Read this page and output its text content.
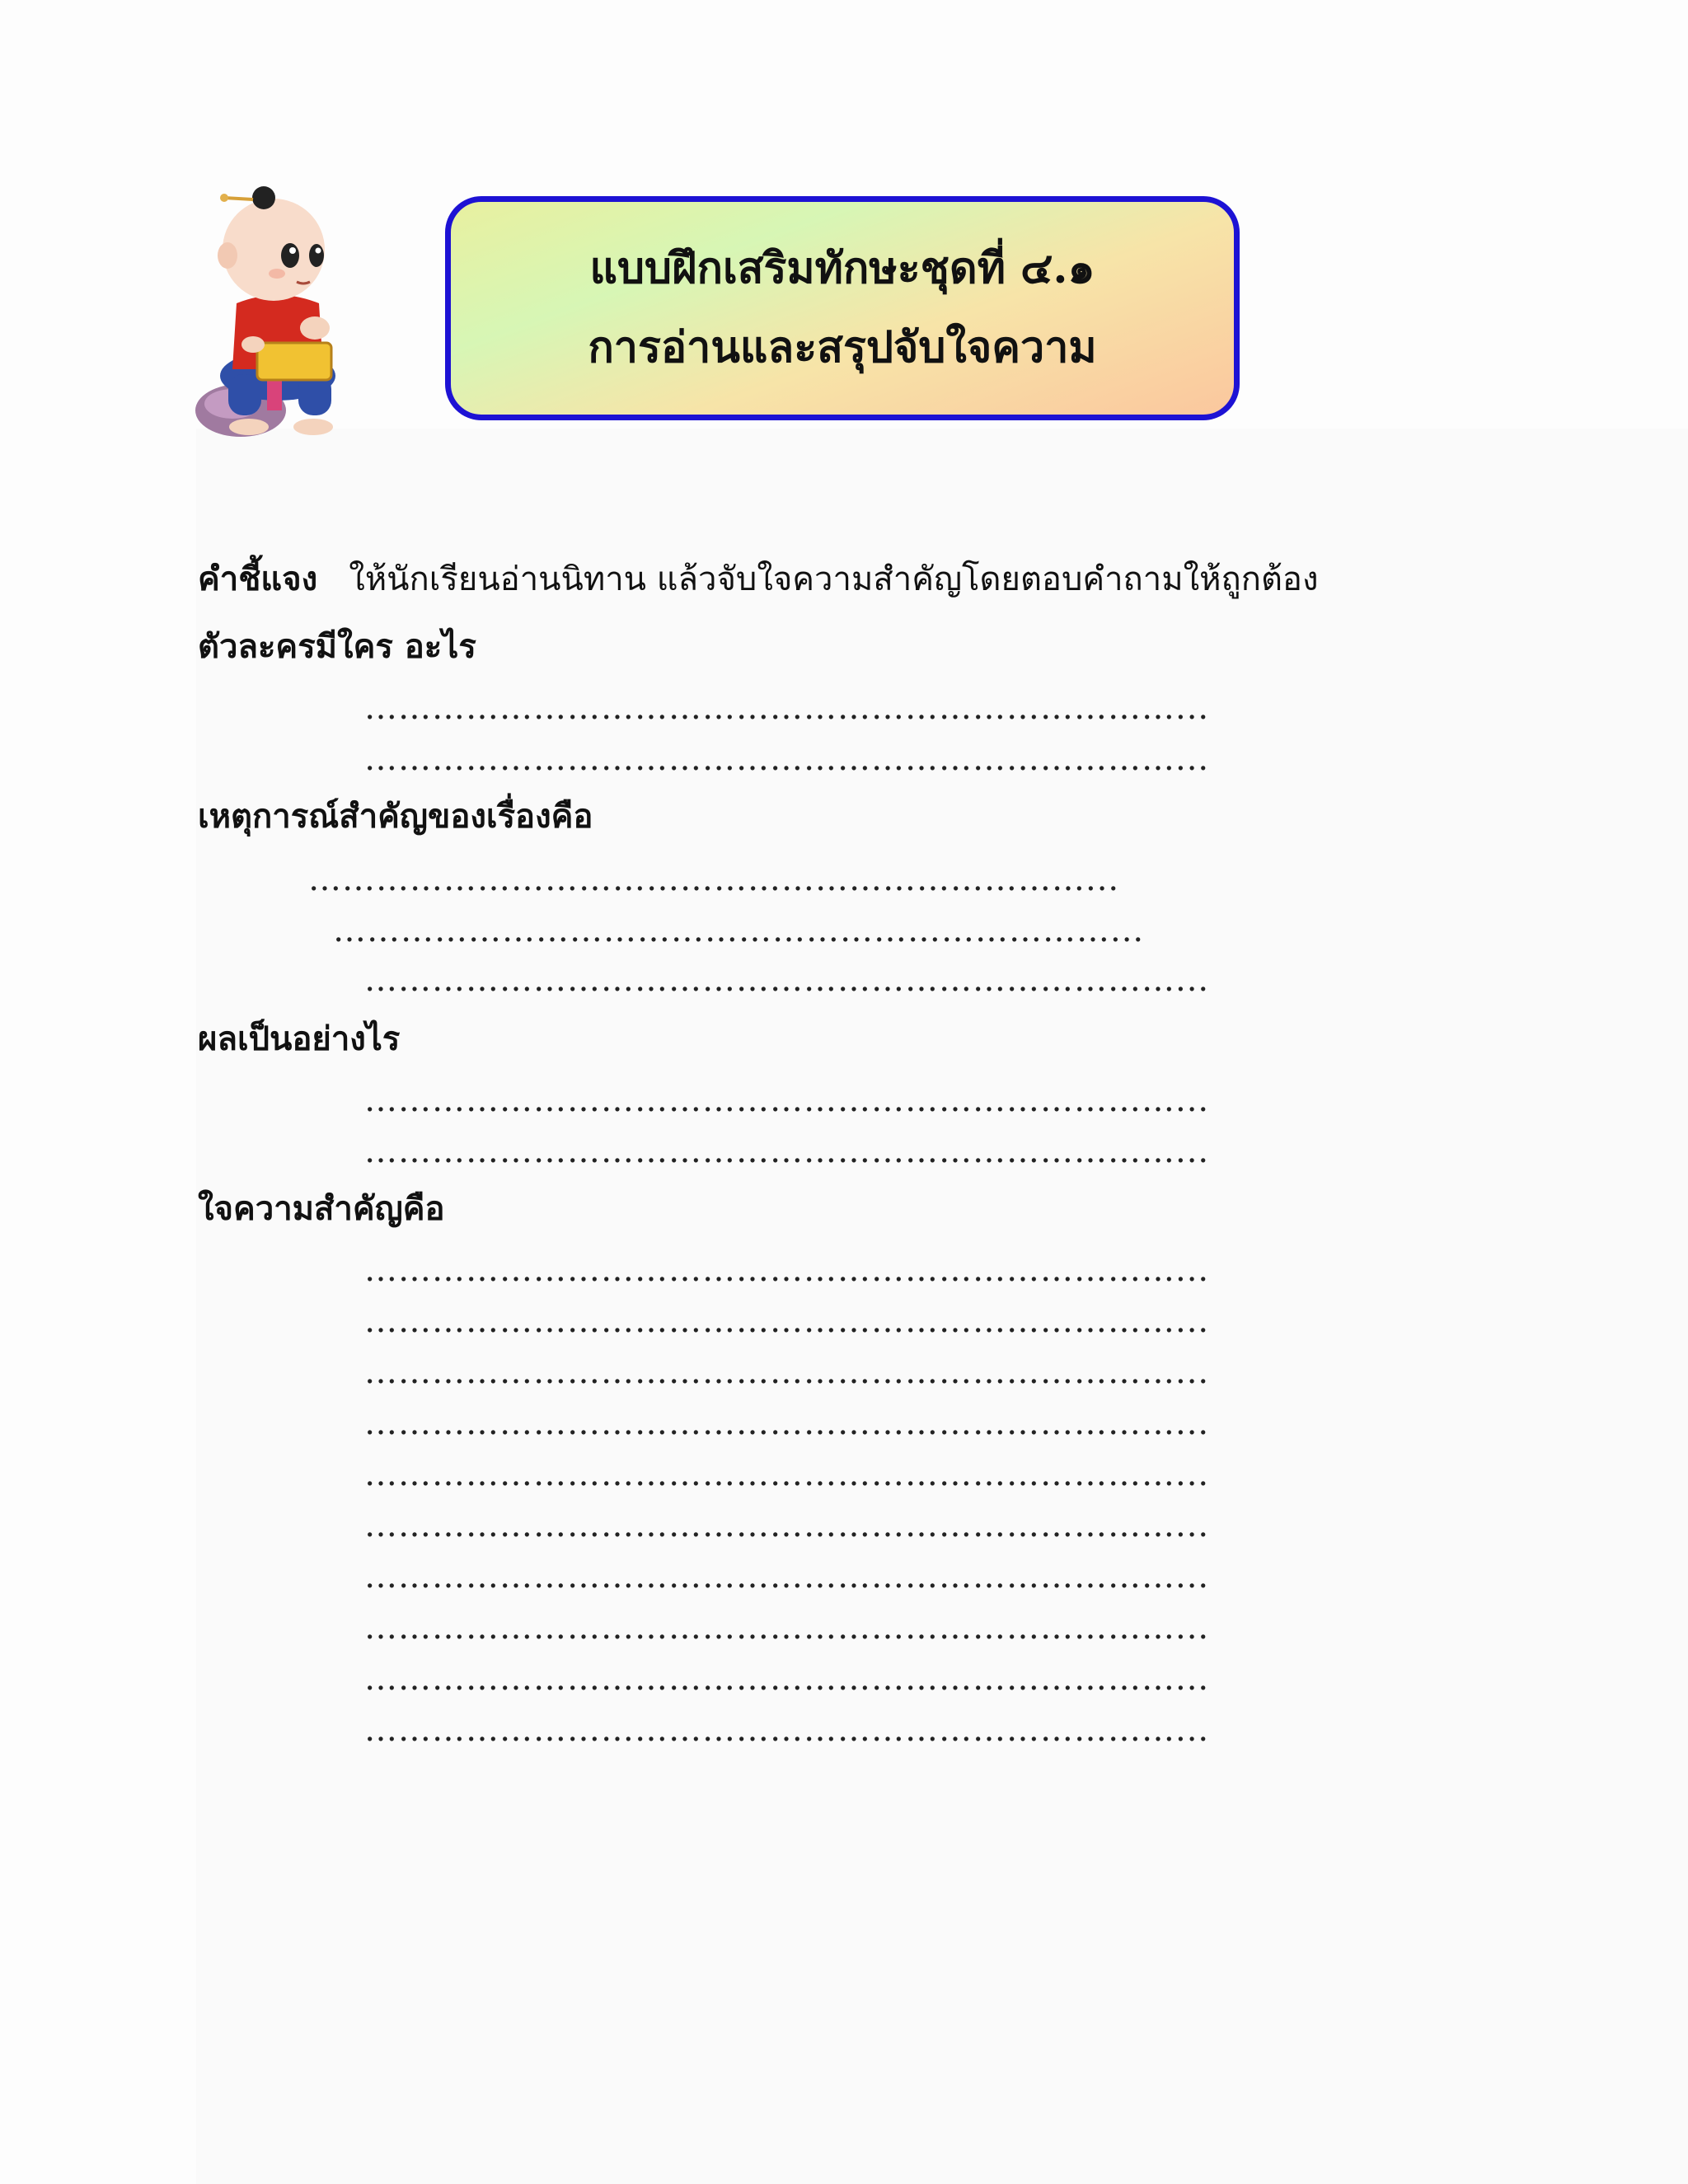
แบบฝึกเสริมทักษะชุดที่ ๔.๑
การอ่านและสรุปจับใจความ
คำชี้แจง ให้นักเรียนอ่านนิทาน แล้วจับใจความสำคัญโดยตอบคำถามให้ถูกต้อง
ตัวละครมีใคร อะไร
………………………………………………………………...
………………………………………………………………...
เหตุการณ์สำคัญของเรื่องคือ
……………………………………………………………...
……………………………………………………………...
………………………………………………………………...
ผลเป็นอย่างไร
………………………………………………………………...
………………………………………………………………...
ใจความสำคัญคือ
………………………………………………………………...
………………………………………………………………...
………………………………………………………………...
………………………………………………………………...
………………………………………………………………...
………………………………………………………………...
………………………………………………………………...
………………………………………………………………...
………………………………………………………………...
………………………………………………………………...
